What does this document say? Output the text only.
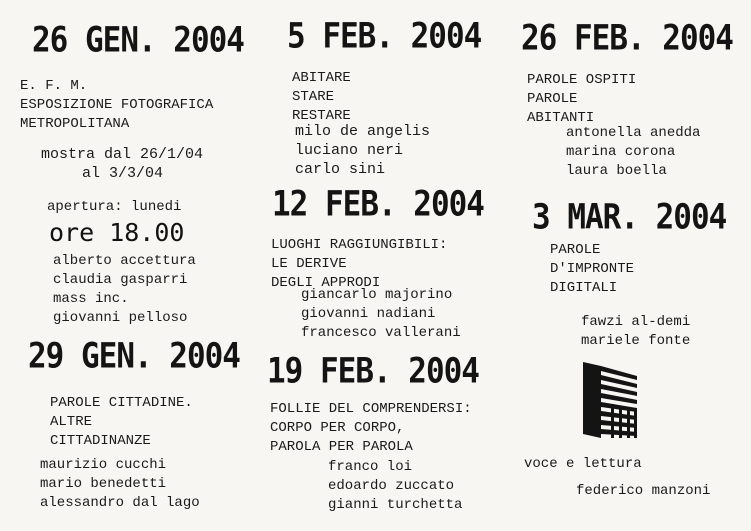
26 GEN. 2004
E. F. M.
ESPOSIZIONE FOTOGRAFICA
METROPOLITANA
mostra dal 26/1/04
al 3/3/04
apertura: lunedi
ore 18.00
alberto accettura
claudia gasparri
mass inc.
giovanni pelloso
29 GEN. 2004
PAROLE CITTADINE.
ALTRE
CITTADINANZE
maurizio cucchi
mario benedetti
alessandro dal lago
5 FEB. 2004
ABITARE
STARE
RESTARE
milo de angelis
luciano neri
carlo sini
12 FEB. 2004
LUOGHI RAGGIUNGIBILI:
LE DERIVE
DEGLI APPRODI
giancarlo majorino
giovanni nadiani
francesco vallerani
19 FEB. 2004
FOLLIE DEL COMPRENDERSI:
CORPO PER CORPO,
PAROLA PER PAROLA
franco loi
edoardo zuccato
gianni turchetta
26 FEB. 2004
PAROLE OSPITI
PAROLE
ABITANTI
antonella anedda
marina corona
laura boella
3 MAR. 2004
PAROLE
D'IMPRONTE
DIGITALI
fawzi al-demi
mariele fonte
voce e lettura
federico manzoni
